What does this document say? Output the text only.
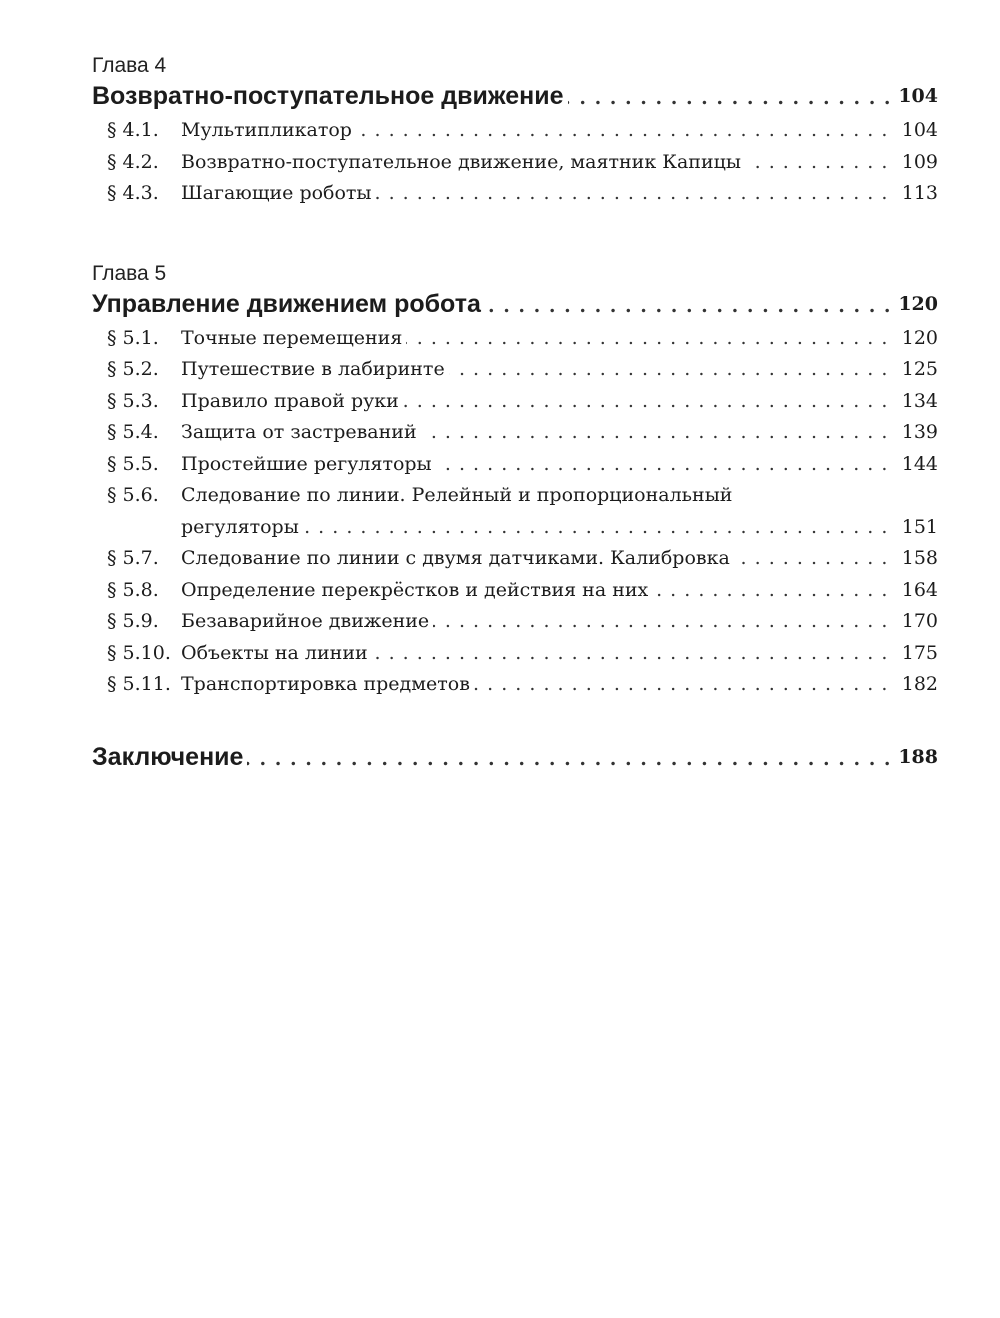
Глава 4
Возвратно-поступательное движение	104
. . .
§ 4.1. Мультипликатор	104
. . .
§ 4.2. Возвратно-поступательное движение, маятник Капицы	109
. . .
§ 4.3. Шагающие роботы	113
. . .
Глава 5
Управление движением робота	120
. . .
§ 5.1. Точные перемещения	120
. . .
§ 5.2. Путешествие в лабиринте	125
. . .
§ 5.3. Правило правой руки	134
. . .
§ 5.4. Защита от застреваний	139
. . .
§ 5.5. Простейшие регуляторы	144
. . .
§ 5.6. Следование по линии. Релейный и пропорциональный
регуляторы	151
. . .
§ 5.7. Следование по линии с двумя датчиками. Калибровка	158
. . .
§ 5.8. Определение перекрёстков и действия на них	164
. . .
§ 5.9. Безаварийное движение	170
. . .
§ 5.10. Объекты на линии	175
. . .
§ 5.11. Транспортировка предметов	182
. . .
Заключение	188
. . .
